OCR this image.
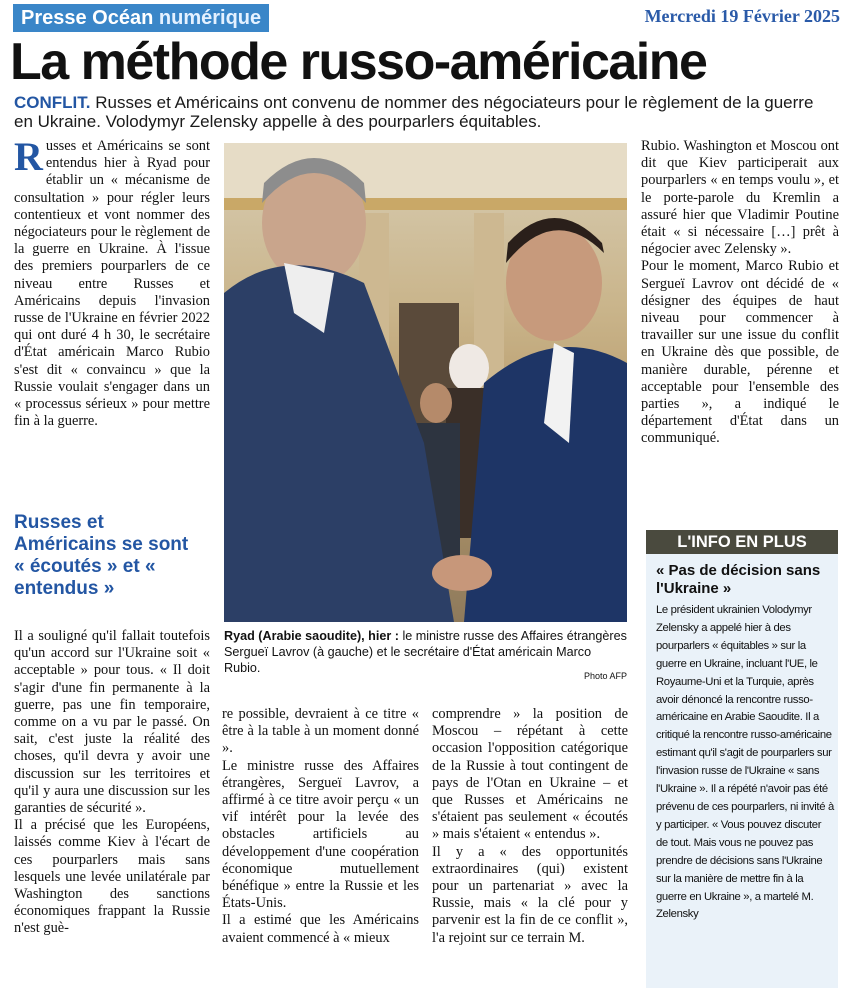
Presse Océan numérique	Mercredi 19 Février 2025
La méthode russo-américaine
CONFLIT. Russes et Américains ont convenu de nommer des négociateurs pour le règlement de la guerre en Ukraine. Volodymyr Zelensky appelle à des pourparlers équitables.
R usses et Américains se sont entendus hier à Ryad pour établir un « mécanisme de consultation » pour régler leurs contentieux et vont nommer des négociateurs pour le règlement de la guerre en Ukraine. À l'issue des premiers pourparlers de ce niveau entre Russes et Américains depuis l'invasion russe de l'Ukraine en février 2022 qui ont duré 4 h 30, le secrétaire d'État américain Marco Rubio s'est dit « convaincu » que la Russie voulait s'engager dans un « processus sérieux » pour mettre fin à la guerre.

Russes et Américains se sont « écoutés » et « entendus »

Il a souligné qu'il fallait toutefois qu'un accord sur l'Ukraine soit « acceptable » pour tous. « Il doit s'agir d'une fin permanente à la guerre, pas une fin temporaire, comme on a vu par le passé. On sait, c'est juste la réalité des choses, qu'il devra y avoir une discussion sur les territoires et qu'il y aura une discussion sur les garanties de sécurité ».

Il a précisé que les Européens, laissés comme Kiev à l'écart de ces pourparlers mais sans lesquels une levée unilatérale par Washington des sanctions économiques frappant la Russie n'est guè-

Ryad (Arabie saoudite), hier : le ministre russe des Affaires étrangères Sergueï Lavrov (à gauche) et le secrétaire d'État américain Marco Rubio.
Photo AFP

re possible, devraient à ce titre « être à la table à un moment donné ».

Le ministre russe des Affaires étrangères, Sergueï Lavrov, a affirmé à ce titre avoir perçu « un vif intérêt pour la levée des obstacles artificiels au développement d'une coopération économique mutuellement bénéfique » entre la Russie et les États-Unis.

Il a estimé que les Américains avaient commencé à « mieux

comprendre » la position de Moscou – répétant à cette occasion l'opposition catégorique de la Russie à tout contingent de pays de l'Otan en Ukraine – et que Russes et Américains ne s'étaient pas seulement « écoutés » mais s'étaient « entendus ».

Il y a « des opportunités extraordinaires (qui) existent pour un partenariat » avec la Russie, mais « la clé pour y parvenir est la fin de ce conflit », l'a rejoint sur ce terrain M.

Rubio. Washington et Moscou ont dit que Kiev participerait aux pourparlers « en temps voulu », et le porte-parole du Kremlin a assuré hier que Vladimir Poutine était « si nécessaire […] prêt à négocier avec Zelensky ».

Pour le moment, Marco Rubio et Sergueï Lavrov ont décidé de « désigner des équipes de haut niveau pour commencer à travailler sur une issue du conflit en Ukraine dès que possible, de manière durable, pérenne et acceptable pour l'ensemble des parties », a indiqué le département d'État dans un communiqué.

L'INFO EN PLUS
« Pas de décision sans l'Ukraine »
Le président ukrainien Volodymyr Zelensky a appelé hier à des pourparlers « équitables » sur la guerre en Ukraine, incluant l'UE, le Royaume-Uni et la Turquie, après avoir dénoncé la rencontre russo-américaine en Arabie Saoudite. Il a critiqué la rencontre russo-américaine estimant qu'il s'agit de pourparlers sur l'invasion russe de l'Ukraine « sans l'Ukraine ». Il a répété n'avoir pas été prévenu de ces pourparlers, ni invité à y participer. « Vous pouvez discuter de tout. Mais vous ne pouvez pas prendre de décisions sans l'Ukraine sur la manière de mettre fin à la guerre en Ukraine », a martelé M. Zelensky
